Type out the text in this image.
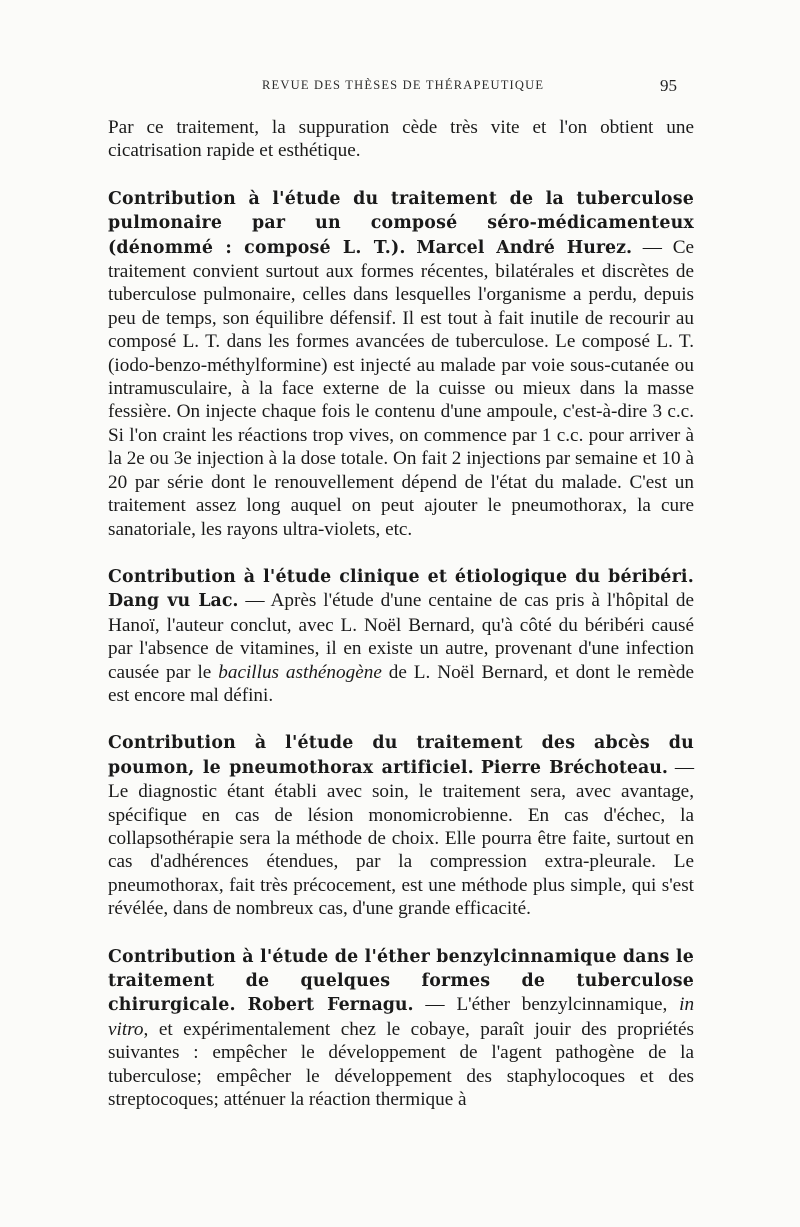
REVUE DES THÈSES DE THÉRAPEUTIQUE	95

Par ce traitement, la suppuration cède très vite et l'on obtient une cicatrisation rapide et esthétique.

Contribution à l'étude du traitement de la tuberculose pulmonaire par un composé séro-médicamenteux (dénommé : composé L. T.). Marcel André Hurez. — Ce traitement convient surtout aux formes récentes, bilatérales et discrètes de tuberculose pulmonaire, celles dans lesquelles l'organisme a perdu, depuis peu de temps, son équilibre défensif. Il est tout à fait inutile de recourir au composé L. T. dans les formes avancées de tuberculose. Le composé L. T. (iodo-benzo-méthylformine) est injecté au malade par voie sous-cutanée ou intramusculaire, à la face externe de la cuisse ou mieux dans la masse fessière. On injecte chaque fois le contenu d'une ampoule, c'est-à-dire 3 c.c. Si l'on craint les réactions trop vives, on commence par 1 c.c. pour arriver à la 2e ou 3e injection à la dose totale. On fait 2 injections par semaine et 10 à 20 par série dont le renouvellement dépend de l'état du malade. C'est un traitement assez long auquel on peut ajouter le pneumothorax, la cure sanatoriale, les rayons ultra-violets, etc.

Contribution à l'étude clinique et étiologique du béribéri. Dang vu Lac. — Après l'étude d'une centaine de cas pris à l'hôpital de Hanoï, l'auteur conclut, avec L. Noël Bernard, qu'à côté du béribéri causé par l'absence de vitamines, il en existe un autre, provenant d'une infection causée par le bacillus asthénogène de L. Noël Bernard, et dont le remède est encore mal défini.

Contribution à l'étude du traitement des abcès du poumon, le pneumothorax artificiel. Pierre Bréchoteau. — Le diagnostic étant établi avec soin, le traitement sera, avec avantage, spécifique en cas de lésion monomicrobienne. En cas d'échec, la collapsothérapie sera la méthode de choix. Elle pourra être faite, surtout en cas d'adhérences étendues, par la compression extra-pleurale. Le pneumothorax, fait très précocement, est une méthode plus simple, qui s'est révélée, dans de nombreux cas, d'une grande efficacité.

Contribution à l'étude de l'éther benzylcinnamique dans le traitement de quelques formes de tuberculose chirurgicale. Robert Fernagu. — L'éther benzylcinnamique, in vitro, et expérimentalement chez le cobaye, paraît jouir des propriétés suivantes : empêcher le développement de l'agent pathogène de la tuberculose; empêcher le développement des staphylocoques et des streptocoques; atténuer la réaction thermique à
